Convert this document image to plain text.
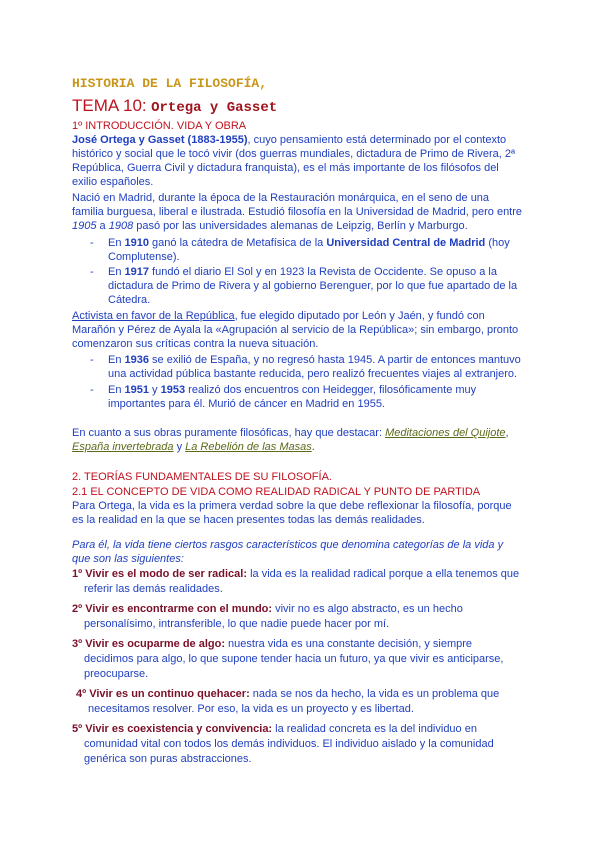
HISTORIA DE LA FILOSOFÍA,
TEMA 10: Ortega y Gasset
1º INTRODUCCIÓN. VIDA Y OBRA
José Ortega y Gasset (1883-1955), cuyo pensamiento está determinado por el contexto
histórico y social que le tocó vivir (dos guerras mundiales, dictadura de Primo de Rivera, 2ª
República, Guerra Civil y dictadura franquista), es el más importante de los filósofos del
exilio españoles.
Nació en Madrid, durante la época de la Restauración monárquica, en el seno de una
familia burguesa, liberal e ilustrada. Estudió filosofía en la Universidad de Madrid, pero entre
1905 a 1908 pasó por las universidades alemanas de Leipzig, Berlín y Marburgo.
-	En 1910 ganó la cátedra de Metafísica de la Universidad Central de Madrid (hoy
Complutense).
-	En 1917 fundó el diario El Sol y en 1923 la Revista de Occidente. Se opuso a la
dictadura de Primo de Rivera y al gobierno Berenguer, por lo que fue apartado de la
Cátedra.
Activista en favor de la República, fue elegido diputado por León y Jaén, y fundó con
Marañón y Pérez de Ayala la «Agrupación al servicio de la República»; sin embargo, pronto
comenzaron sus críticas contra la nueva situación.
-	En 1936 se exilió de España, y no regresó hasta 1945. A partir de entonces mantuvo
una actividad pública bastante reducida, pero realizó frecuentes viajes al extranjero.
-	En 1951 y 1953 realizó dos encuentros con Heidegger, filosóficamente muy
importantes para él. Murió de cáncer en Madrid en 1955.
En cuanto a sus obras puramente filosóficas, hay que destacar: Meditaciones del Quijote,
España invertebrada y La Rebelión de las Masas.
2. TEORÍAS FUNDAMENTALES DE SU FILOSOFÍA.
2.1 EL CONCEPTO DE VIDA COMO REALIDAD RADICAL Y PUNTO DE PARTIDA
Para Ortega, la vida es la primera verdad sobre la que debe reflexionar la filosofía, porque
es la realidad en la que se hacen presentes todas las demás realidades.
Para él, la vida tiene ciertos rasgos característicos que denomina categorías de la vida y
que son las siguientes:
1º Vivir es el modo de ser radical: la vida es la realidad radical porque a ella tenemos que
referir las demás realidades.
2º Vivir es encontrarme con el mundo: vivir no es algo abstracto, es un hecho
personalísimo, intransferible, lo que nadie puede hacer por mí.
3º Vivir es ocuparme de algo: nuestra vida es una constante decisión, y siempre
decidimos para algo, lo que supone tender hacia un futuro, ya que vivir es anticiparse,
preocuparse.
4º Vivir es un continuo quehacer: nada se nos da hecho, la vida es un problema que
necesitamos resolver. Por eso, la vida es un proyecto y es libertad.
5º Vivir es coexistencia y convivencia: la realidad concreta es la del individuo en
comunidad vital con todos los demás individuos. El individuo aislado y la comunidad
genérica son puras abstracciones.
